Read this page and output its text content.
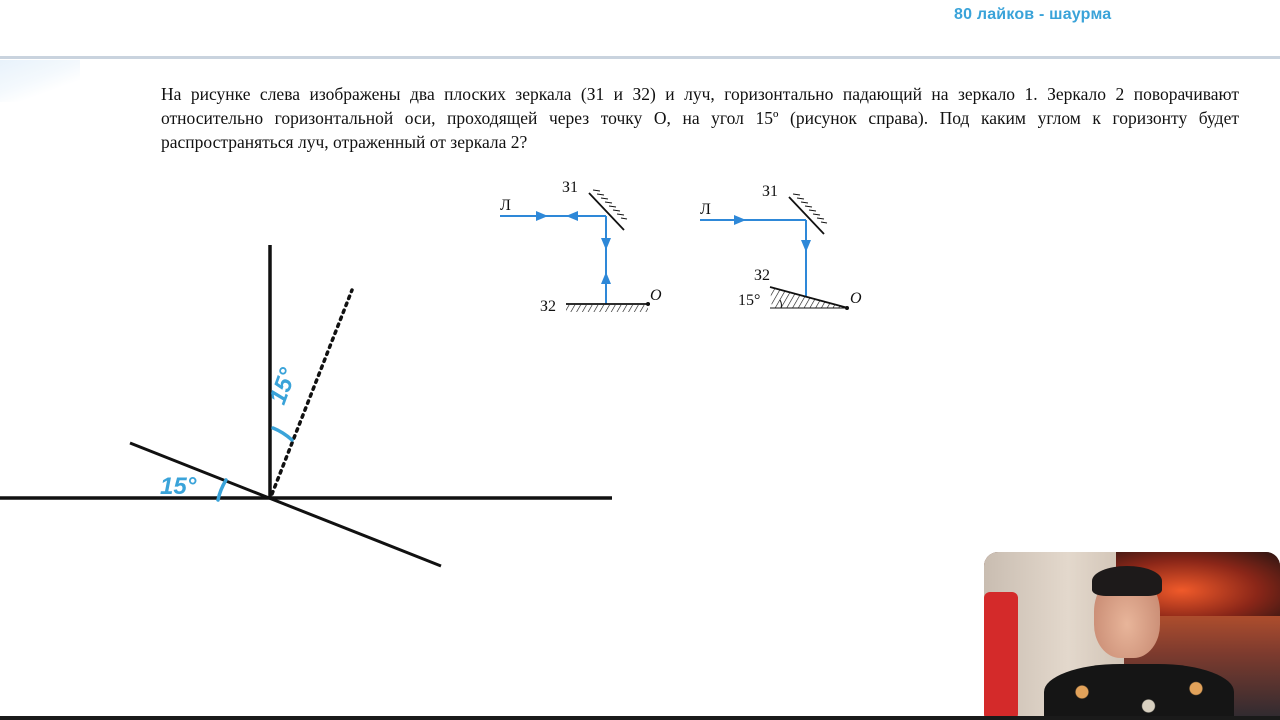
80 лайков - шаурма
На рисунке слева изображены два плоских зеркала (З1 и З2) и луч, горизонтально падающий на зеркало 1. Зеркало 2 поворачивают относительно горизонтальной оси, проходящей через точку О, на угол 15º (рисунок справа). Под каким углом к горизонту будет распространяться луч, отраженный от зеркала 2?
Л
З1
З2
O
Л
З1
З2
15°	O
15°
15°
